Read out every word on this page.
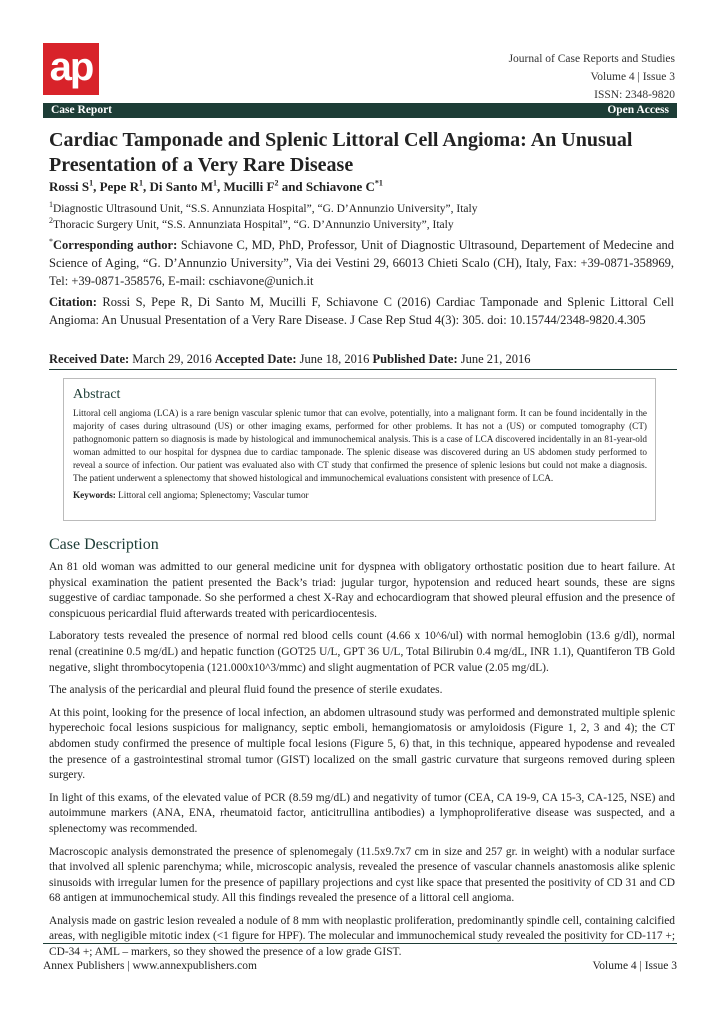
ap	Journal of Case Reports and Studies
Volume 4 | Issue 3
ISSN: 2348-9820
Case Report	Open Access
Cardiac Tamponade and Splenic Littoral Cell Angioma: An Unusual Presentation of a Very Rare Disease
Rossi $S^1$, Pepe $R^1$, Di Santo $M^1$, Mucilli $F^2$ and Schiavone $C^{*1}$
$^1$Diagnostic Ultrasound Unit, “S.S. Annunziata Hospital”, “G. D’Annunzio University”, Italy
$^2$Thoracic Surgery Unit, “S.S. Annunziata Hospital”, “G. D’Annunzio University”, Italy
*Corresponding author: Schiavone C, MD, PhD, Professor, Unit of Diagnostic Ultrasound, Departement of Medecine and Science of Aging, “G. D’Annunzio University”, Via dei Vestini 29, 66013 Chieti Scalo (CH), Italy, Fax: +39-0871-358969, Tel: +39-0871-358576, E-mail: cschiavone@unich.it
Citation: Rossi S, Pepe R, Di Santo M, Mucilli F, Schiavone C (2016) Cardiac Tamponade and Splenic Littoral Cell Angioma: An Unusual Presentation of a Very Rare Disease. J Case Rep Stud 4(3): 305. doi: 10.15744/2348-9820.4.305
Received Date: March 29, 2016 Accepted Date: June 18, 2016 Published Date: June 21, 2016
Abstract

Littoral cell angioma (LCA) is a rare benign vascular splenic tumor that can evolve, potentially, into a malignant form. It can be found incidentally in the majority of cases during ultrasound (US) or other imaging exams, performed for other problems. It has not a (US) or computed tomography (CT) pathognomonic pattern so diagnosis is made by histological and immunochemical analysis. This is a case of LCA discovered incidentally in an 81-year-old woman admitted to our hospital for dyspnea due to cardiac tamponade. The splenic disease was discovered during an US abdomen study performed to reveal a source of infection. Our patient was evaluated also with CT study that confirmed the presence of splenic lesions but could not make a diagnosis. The patient underwent a splenectomy that showed histological and immunochemical evaluations consistent with presence of LCA.

Keywords: Littoral cell angioma; Splenectomy; Vascular tumor

Case Description

An 81 old woman was admitted to our general medicine unit for dyspnea with obligatory orthostatic position due to heart failure. At physical examination the patient presented the Back’s triad: jugular turgor, hypotension and reduced heart sounds, these are signs suggestive of cardiac tamponade. So she performed a chest X-Ray and echocardiogram that showed pleural effusion and the presence of conspicuous pericardial fluid afterwards treated with pericardiocentesis.

Laboratory tests revealed the presence of normal red blood cells count (4.66 x 10^6/ul) with normal hemoglobin (13.6 g/dl), normal renal (creatinine 0.5 mg/dL) and hepatic function (GOT25 U/L, GPT 36 U/L, Total Bilirubin 0.4 mg/dL, INR 1.1), Quantiferon TB Gold negative, slight thrombocytopenia (121.000x10^3/mmc) and slight augmentation of PCR value (2.05 mg/dL).

The analysis of the pericardial and pleural fluid found the presence of sterile exudates.

At this point, looking for the presence of local infection, an abdomen ultrasound study was performed and demonstrated multiple splenic hyperechoic focal lesions suspicious for malignancy, septic emboli, hemangiomatosis or amyloidosis (Figure 1, 2, 3 and 4); the CT abdomen study confirmed the presence of multiple focal lesions (Figure 5, 6) that, in this technique, appeared hypodense and revealed the presence of a gastrointestinal stromal tumor (GIST) localized on the small gastric curvature that surgeons removed during spleen surgery.

In light of this exams, of the elevated value of PCR (8.59 mg/dL) and negativity of tumor (CEA, CA 19-9, CA 15-3, CA-125, NSE) and autoimmune markers (ANA, ENA, rheumatoid factor, anticitrullina antibodies) a lymphoproliferative disease was suspected, and a splenectomy was recommended.

Macroscopic analysis demonstrated the presence of splenomegaly (11.5x9.7x7 cm in size and 257 gr. in weight) with a nodular surface that involved all splenic parenchyma; while, microscopic analysis, revealed the presence of vascular channels anastomosis alike splenic sinusoids with irregular lumen for the presence of papillary projections and cyst like space that presented the positivity of CD 31 and CD 68 antigen at immunochemical study. All this findings revealed the presence of a littoral cell angioma.

Analysis made on gastric lesion revealed a nodule of 8 mm with neoplastic proliferation, predominantly spindle cell, containing calcified areas, with negligible mitotic index (<1 figure for HPF). The molecular and immunochemical study revealed the positivity for CD-117 +; CD-34 +; AML – markers, so they showed the presence of a low grade GIST.

Annex Publishers | www.annexpublishers.com	Volume 4 | Issue 3
